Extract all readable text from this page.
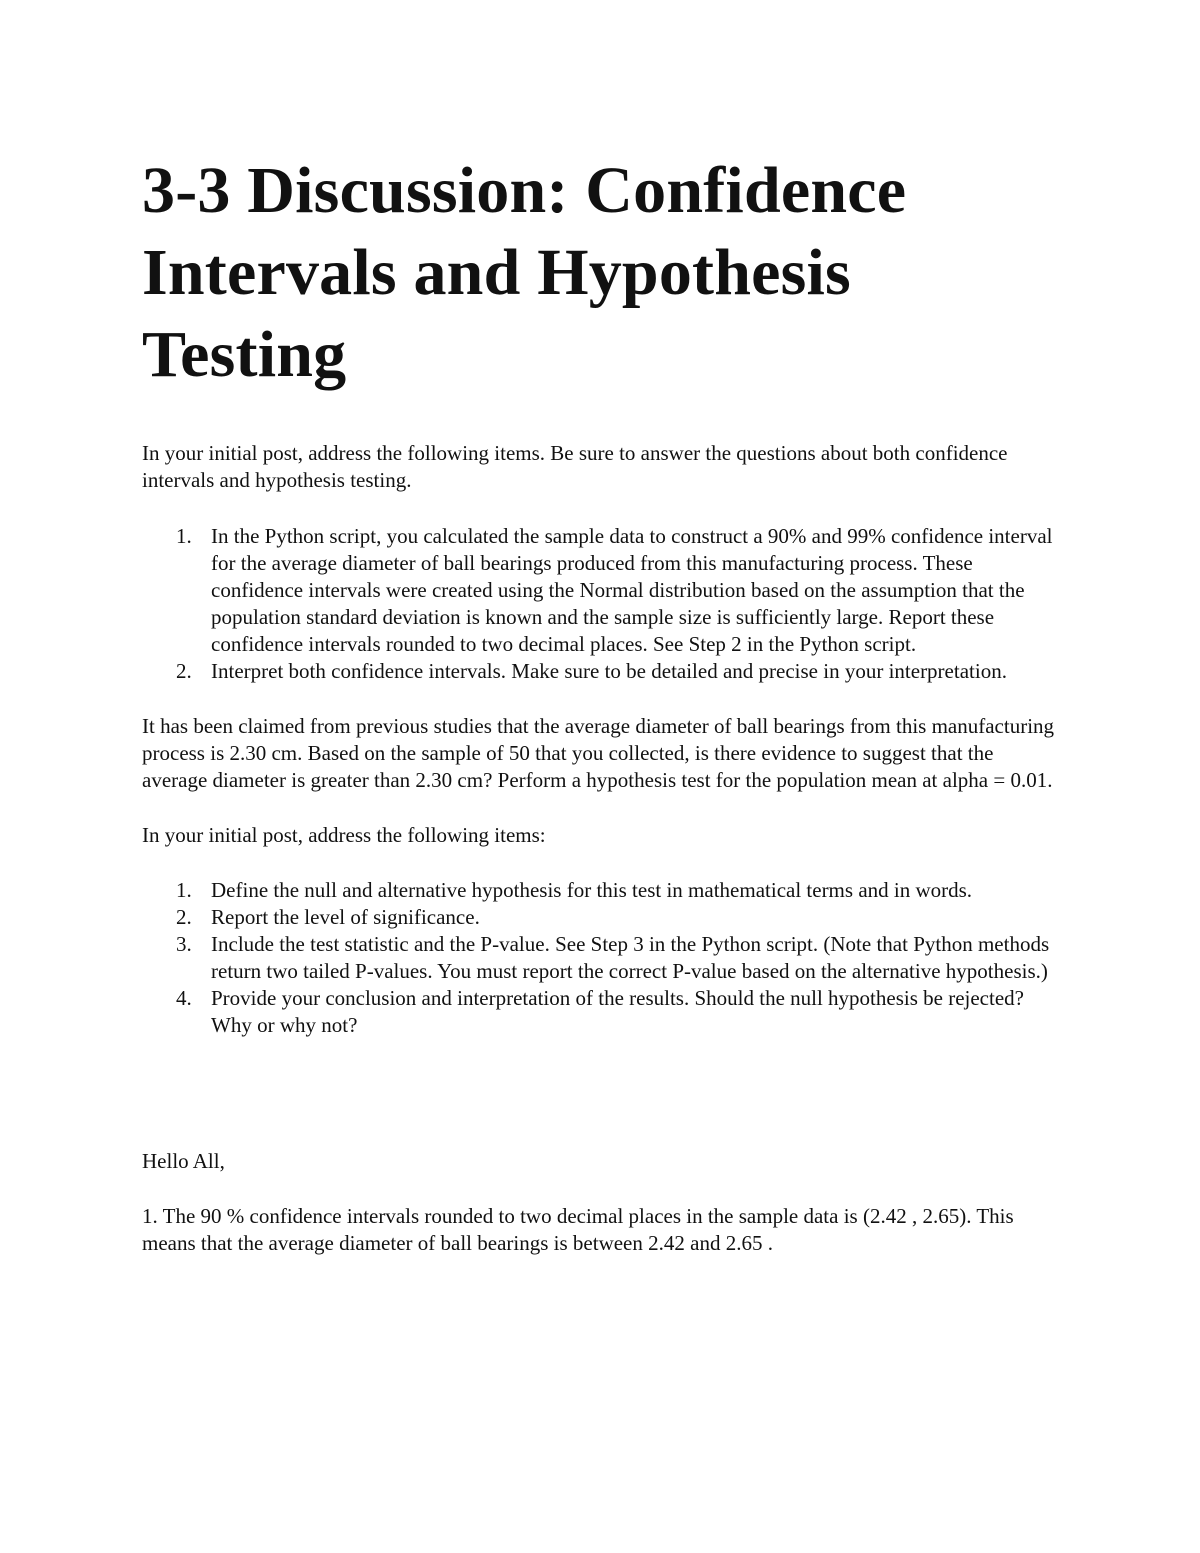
3-3 Discussion: Confidence Intervals and Hypothesis Testing

In your initial post, address the following items. Be sure to answer the questions about both confidence intervals and hypothesis testing.

1. In the Python script, you calculated the sample data to construct a 90% and 99% confidence interval for the average diameter of ball bearings produced from this manufacturing process. These confidence intervals were created using the Normal distribution based on the assumption that the population standard deviation is known and the sample size is sufficiently large. Report these confidence intervals rounded to two decimal places. See Step 2 in the Python script.
2. Interpret both confidence intervals. Make sure to be detailed and precise in your interpretation.

It has been claimed from previous studies that the average diameter of ball bearings from this manufacturing process is 2.30 cm. Based on the sample of 50 that you collected, is there evidence to suggest that the average diameter is greater than 2.30 cm? Perform a hypothesis test for the population mean at alpha = 0.01.

In your initial post, address the following items:

1. Define the null and alternative hypothesis for this test in mathematical terms and in words.
2. Report the level of significance.
3. Include the test statistic and the P-value. See Step 3 in the Python script. (Note that Python methods return two tailed P-values. You must report the correct P-value based on the alternative hypothesis.)
4. Provide your conclusion and interpretation of the results. Should the null hypothesis be rejected? Why or why not?

Hello All,

1. The 90 % confidence intervals rounded to two decimal places in the sample data is (2.42 , 2.65). This means that the average diameter of ball bearings is between 2.42 and 2.65 .
